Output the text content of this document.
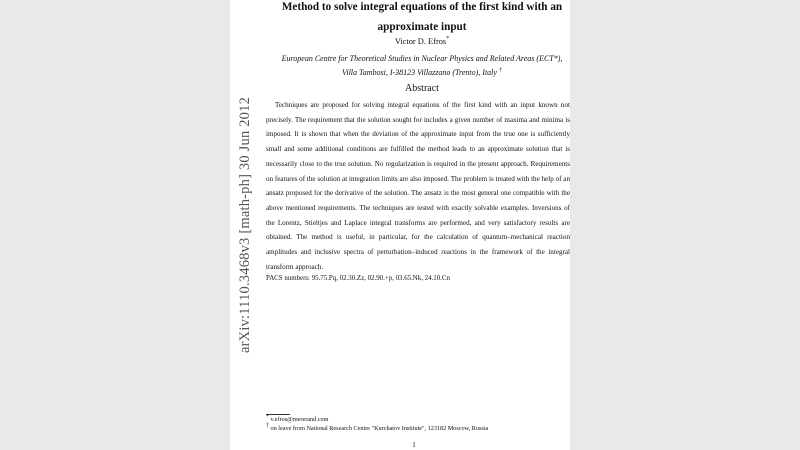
arXiv:1110.3468v3 [math-ph] 30 Jun 2012
Method to solve integral equations of the first kind with an
approximate input
Victor D. Efros*
European Centre for Theoretical Studies in Nuclear Physics and Related Areas (ECT*),
Villa Tambosi, I-38123 Villazzano (Trento), Italy †
Abstract

Techniques are proposed for solving integral equations of the first kind with an input known not precisely. The requirement that the solution sought for includes a given number of maxima and minima is imposed. It is shown that when the deviation of the approximate input from the true one is sufficiently small and some additional conditions are fulfilled the method leads to an approximate solution that is necessarily close to the true solution. No regularization is required in the present approach. Requirements on features of the solution at integration limits are also imposed. The problem is treated with the help of an ansatz proposed for the derivative of the solution. The ansatz is the most general one compatible with the above mentioned requirements. The techniques are tested with exactly solvable examples. Inversions of the Lorentz, Stieltjes and Laplace integral transforms are performed, and very satisfactory results are obtained. The method is useful, in particular, for the calculation of quantum–mechanical reaction amplitudes and inclusive spectra of perturbation–induced reactions in the framework of the integral transform approach.

PACS numbers: 95.75.Pq, 02.30.Zz, 02.90.+p, 03.65.Nk, 24.10.Cn
* v.efros@mererand.com
† on leave from National Research Centre "Kurchatov Institute", 123182 Moscow, Russia
1
